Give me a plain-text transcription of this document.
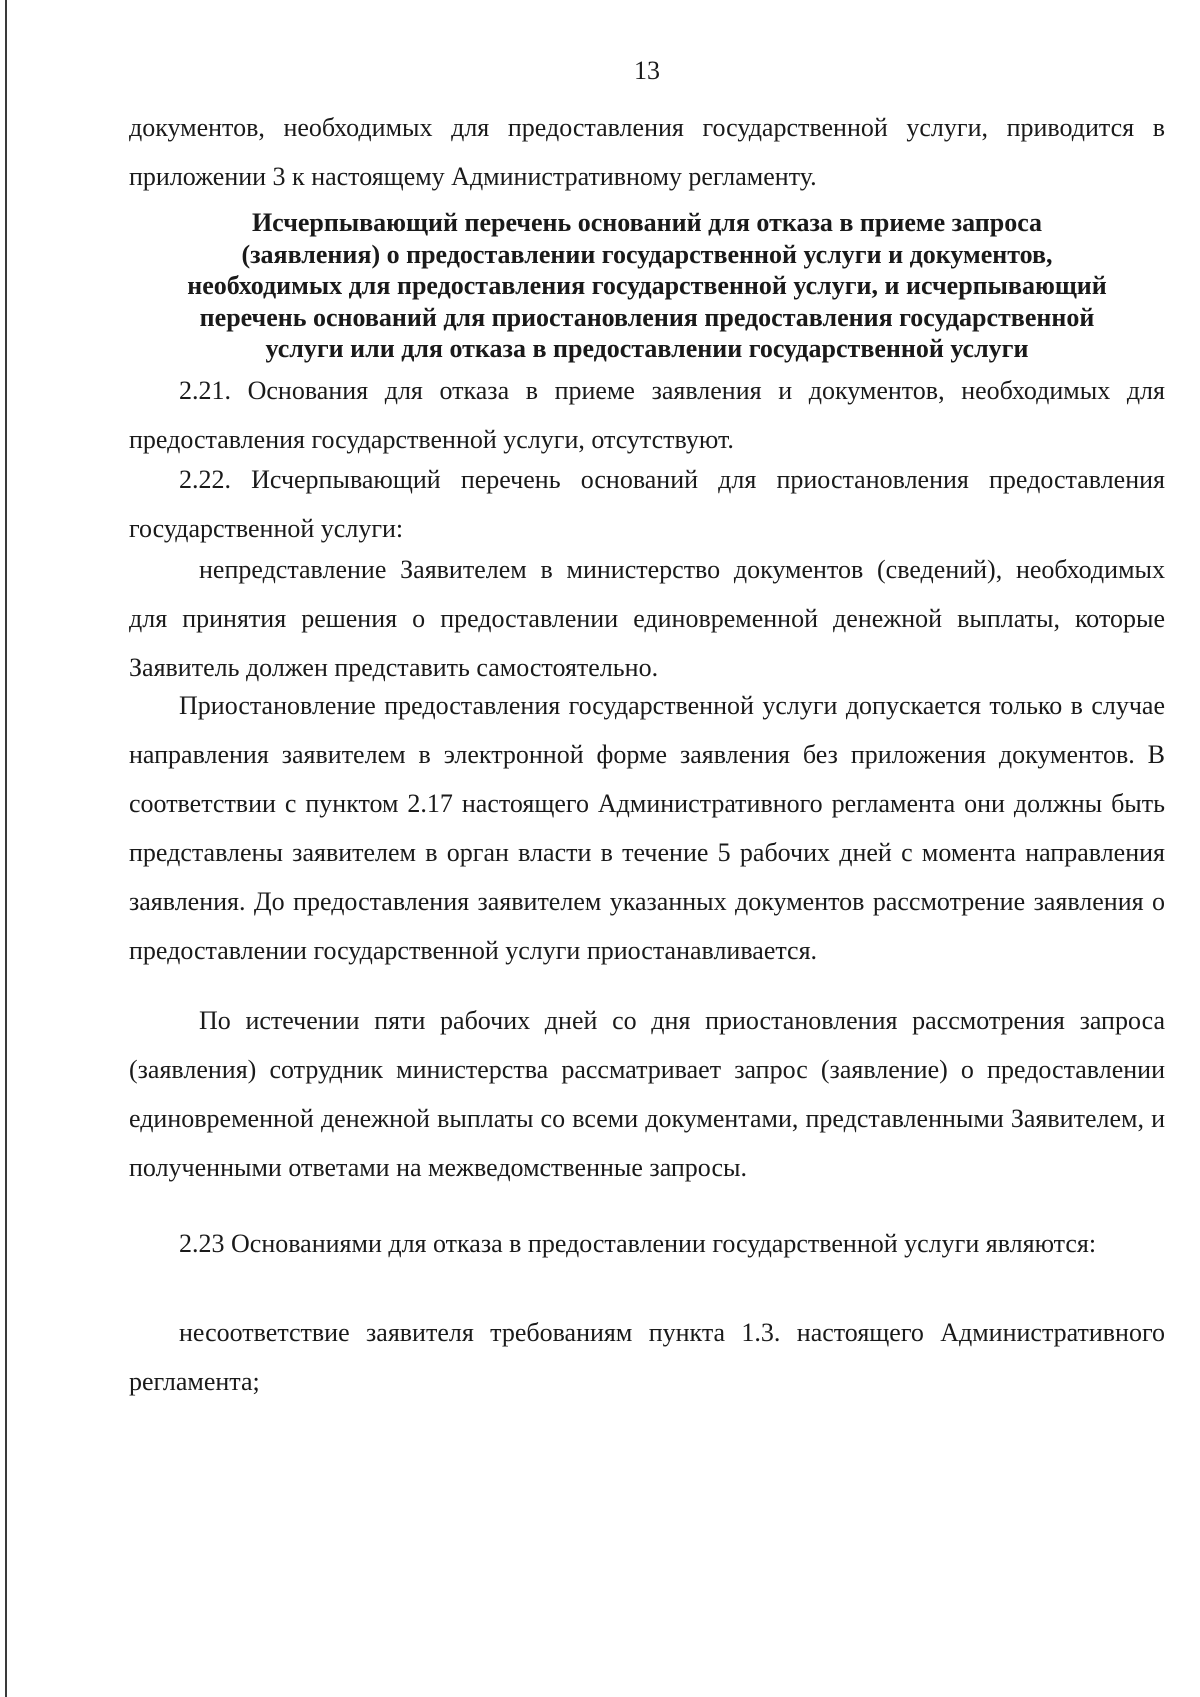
13

документов, необходимых для предоставления государственной услуги, приводится в приложении 3 к настоящему Административному регламенту.

Исчерпывающий перечень оснований для отказа в приеме запроса
(заявления) о предоставлении государственной услуги и документов,
необходимых для предоставления государственной услуги, и исчерпывающий
перечень оснований для приостановления предоставления государственной
услуги или для отказа в предоставлении государственной услуги

2.21. Основания для отказа в приеме заявления и документов, необходимых для предоставления государственной услуги, отсутствуют.

2.22. Исчерпывающий перечень оснований для приостановления предоставления государственной услуги:

непредставление Заявителем в министерство документов (сведений), необходимых для принятия решения о предоставлении единовременной денежной выплаты, которые Заявитель должен представить самостоятельно.

Приостановление предоставления государственной услуги допускается только в случае направления заявителем в электронной форме заявления без приложения документов. В соответствии с пунктом 2.17 настоящего Административного регламента они должны быть представлены заявителем в орган власти в течение 5 рабочих дней с момента направления заявления. До предоставления заявителем указанных документов рассмотрение заявления о предоставлении государственной услуги приостанавливается.

По истечении пяти рабочих дней со дня приостановления рассмотрения запроса (заявления) сотрудник министерства рассматривает запрос (заявление) о предоставлении единовременной денежной выплаты со всеми документами, представленными Заявителем, и полученными ответами на межведомственные запросы.

2.23 Основаниями для отказа в предоставлении государственной услуги являются:

несоответствие заявителя требованиям пункта 1.3. настоящего Административного регламента;
